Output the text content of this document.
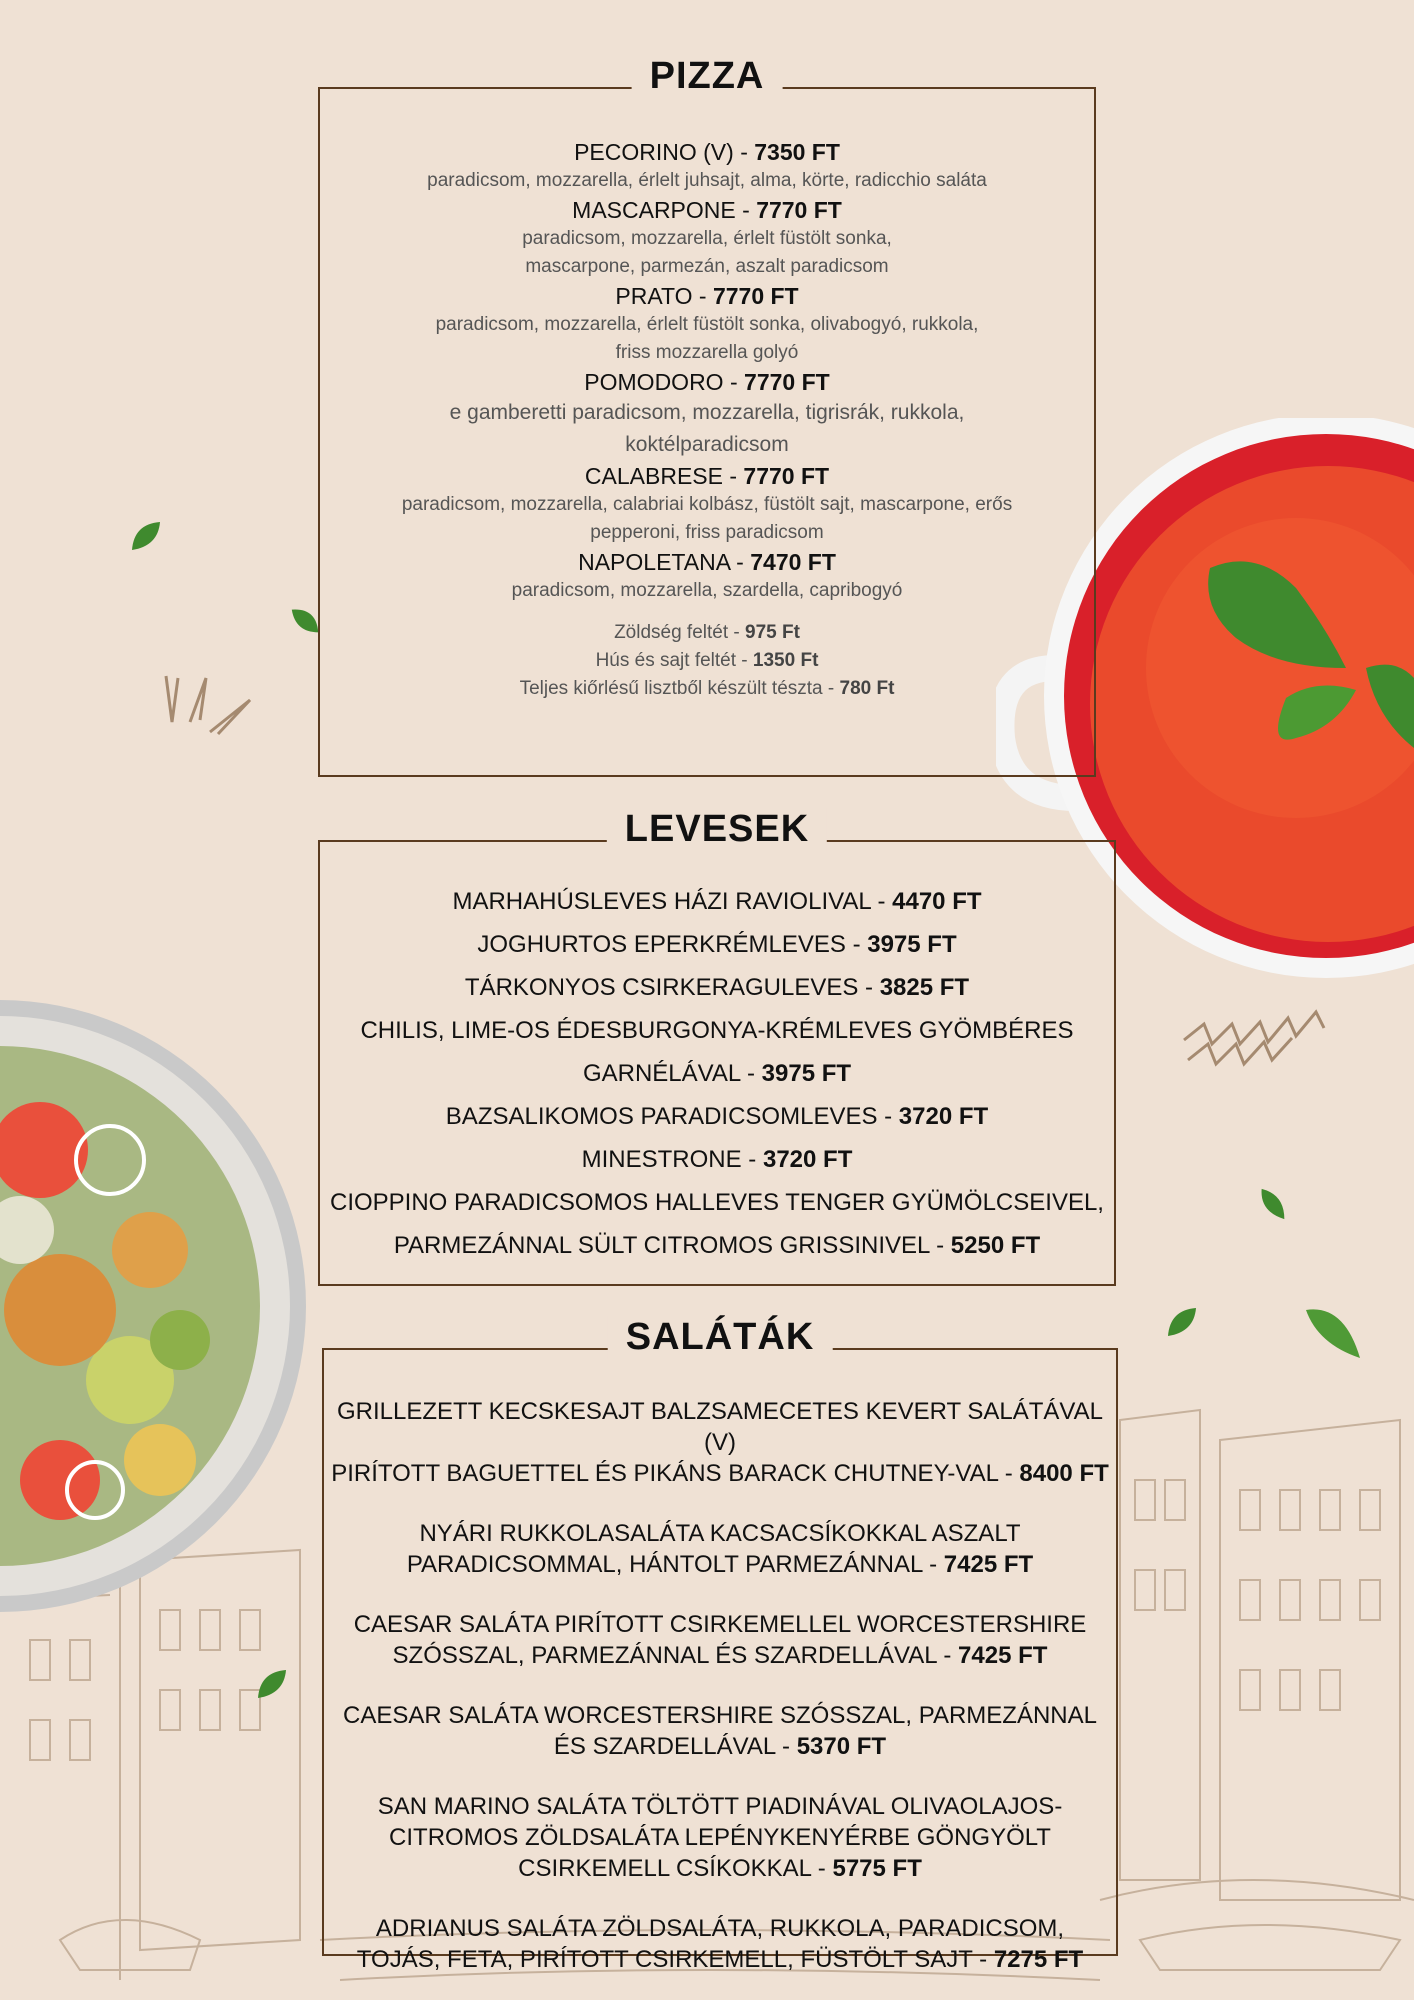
PIZZA
PECORINO (V) - 7350 FT
paradicsom, mozzarella, érlelt juhsajt, alma, körte, radicchio saláta
MASCARPONE - 7770 FT
paradicsom, mozzarella, érlelt füstölt sonka, mascarpone, parmezán, aszalt paradicsom
PRATO - 7770 FT
paradicsom, mozzarella, érlelt füstölt sonka, olivabogyó, rukkola, friss mozzarella golyó
POMODORO - 7770 FT
e gamberetti paradicsom, mozzarella, tigrisrák, rukkola, koktélparadicsom
CALABRESE - 7770 FT
paradicsom, mozzarella, calabriai kolbász, füstölt sajt, mascarpone, erős pepperoni, friss paradicsom
NAPOLETANA - 7470 FT
paradicsom, mozzarella, szardella, capribogyó
Zöldség feltét - 975 Ft
Hús és sajt feltét - 1350 Ft
Teljes kiőrlésű lisztből készült tészta - 780 Ft
LEVESEK
MARHAHÚSLEVES HÁZI RAVIOLIVAL - 4470 FT
JOGHURTOS EPERKRÉMLEVES - 3975 FT
TÁRKONYOS CSIRKERAGULEVES - 3825 FT
CHILIS, LIME-OS ÉDESBURGONYA-KRÉMLEVES GYÖMBÉRES
GARNÉLÁVAL - 3975 FT
BAZSALIKOMOS PARADICSOMLEVES - 3720 FT
MINESTRONE - 3720 FT
CIOPPINO PARADICSOMOS HALLEVES TENGER GYÜMÖLCSEIVEL,
PARMEZÁNNAL SÜLT CITROMOS GRISSINIVEL - 5250 FT
SALÁTÁK
GRILLEZETT KECSKESAJT BALZSAMECETES KEVERT SALÁTÁVAL (V)
PIRÍTOTT BAGUETTEL ÉS PIKÁNS BARACK CHUTNEY-VAL - 8400 FT
NYÁRI RUKKOLASALÁTA KACSACSÍKOKKAL ASZALT
PARADICSOMMAL, HÁNTOLT PARMEZÁNNAL - 7425 FT
CAESAR SALÁTA PIRÍTOTT CSIRKEMELLEL WORCESTERSHIRE
SZÓSSZAL, PARMEZÁNNAL ÉS SZARDELLÁVAL - 7425 FT
CAESAR SALÁTA WORCESTERSHIRE SZÓSSZAL, PARMEZÁNNAL
ÉS SZARDELLÁVAL - 5370 FT
SAN MARINO SALÁTA TÖLTÖTT PIADINÁVAL OLIVAOLAJOS-
CITROMOS ZÖLDSALÁTA LEPÉNYKENYÉRBE GÖNGYÖLT
CSIRKEMELL CSÍKOKKAL - 5775 FT
ADRIANUS SALÁTA ZÖLDSALÁTA, RUKKOLA, PARADICSOM,
TOJÁS, FETA, PIRÍTOTT CSIRKEMELL, FÜSTÖLT SAJT - 7275 FT
